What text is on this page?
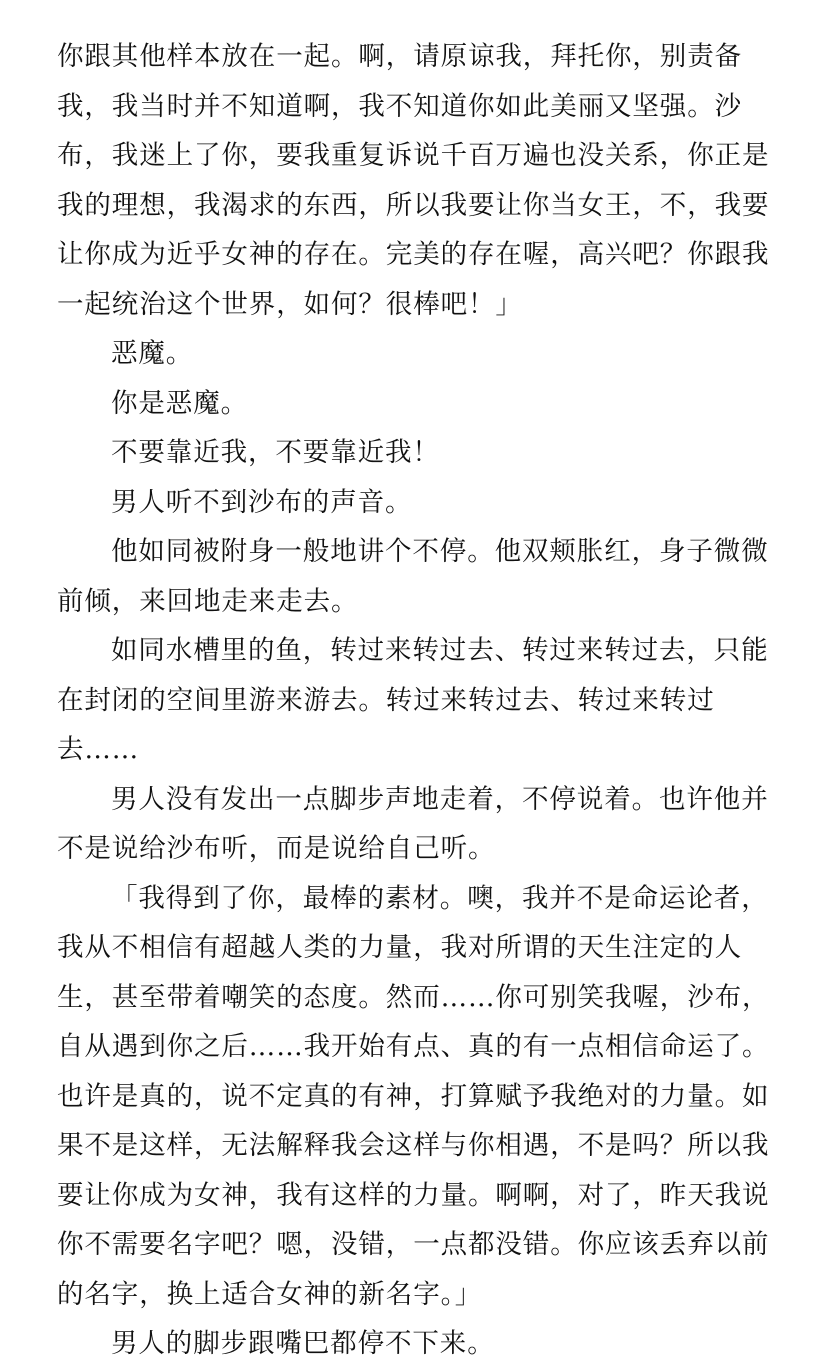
你跟其他样本放在一起。啊，请原谅我，拜托你，别责备
我，我当时并不知道啊，我不知道你如此美丽又坚强。沙
布，我迷上了你，要我重复诉说千百万遍也没关系，你正是
我的理想，我渴求的东西，所以我要让你当女王，不，我要
让你成为近乎女神的存在。完美的存在喔，高兴吧？你跟我
一起统治这个世界，如何？很棒吧！」
恶魔。
你是恶魔。
不要靠近我，不要靠近我！
男人听不到沙布的声音。
他如同被附身一般地讲个不停。他双颊胀红，身子微微
前倾，来回地走来走去。
如同水槽里的鱼，转过来转过去、转过来转过去，只能
在封闭的空间里游来游去。转过来转过去、转过来转过
去……
男人没有发出一点脚步声地走着，不停说着。也许他并
不是说给沙布听，而是说给自己听。
「我得到了你，最棒的素材。噢，我并不是命运论者，
我从不相信有超越人类的力量，我对所谓的天生注定的人
生，甚至带着嘲笑的态度。然而……你可别笑我喔，沙布，
自从遇到你之后……我开始有点、真的有一点相信命运了。
也许是真的，说不定真的有神，打算赋予我绝对的力量。如
果不是这样，无法解释我会这样与你相遇，不是吗？所以我
要让你成为女神，我有这样的力量。啊啊，对了，昨天我说
你不需要名字吧？嗯，没错，一点都没错。你应该丢弃以前
的名字，换上适合女神的新名字。」
男人的脚步跟嘴巴都停不下来。
